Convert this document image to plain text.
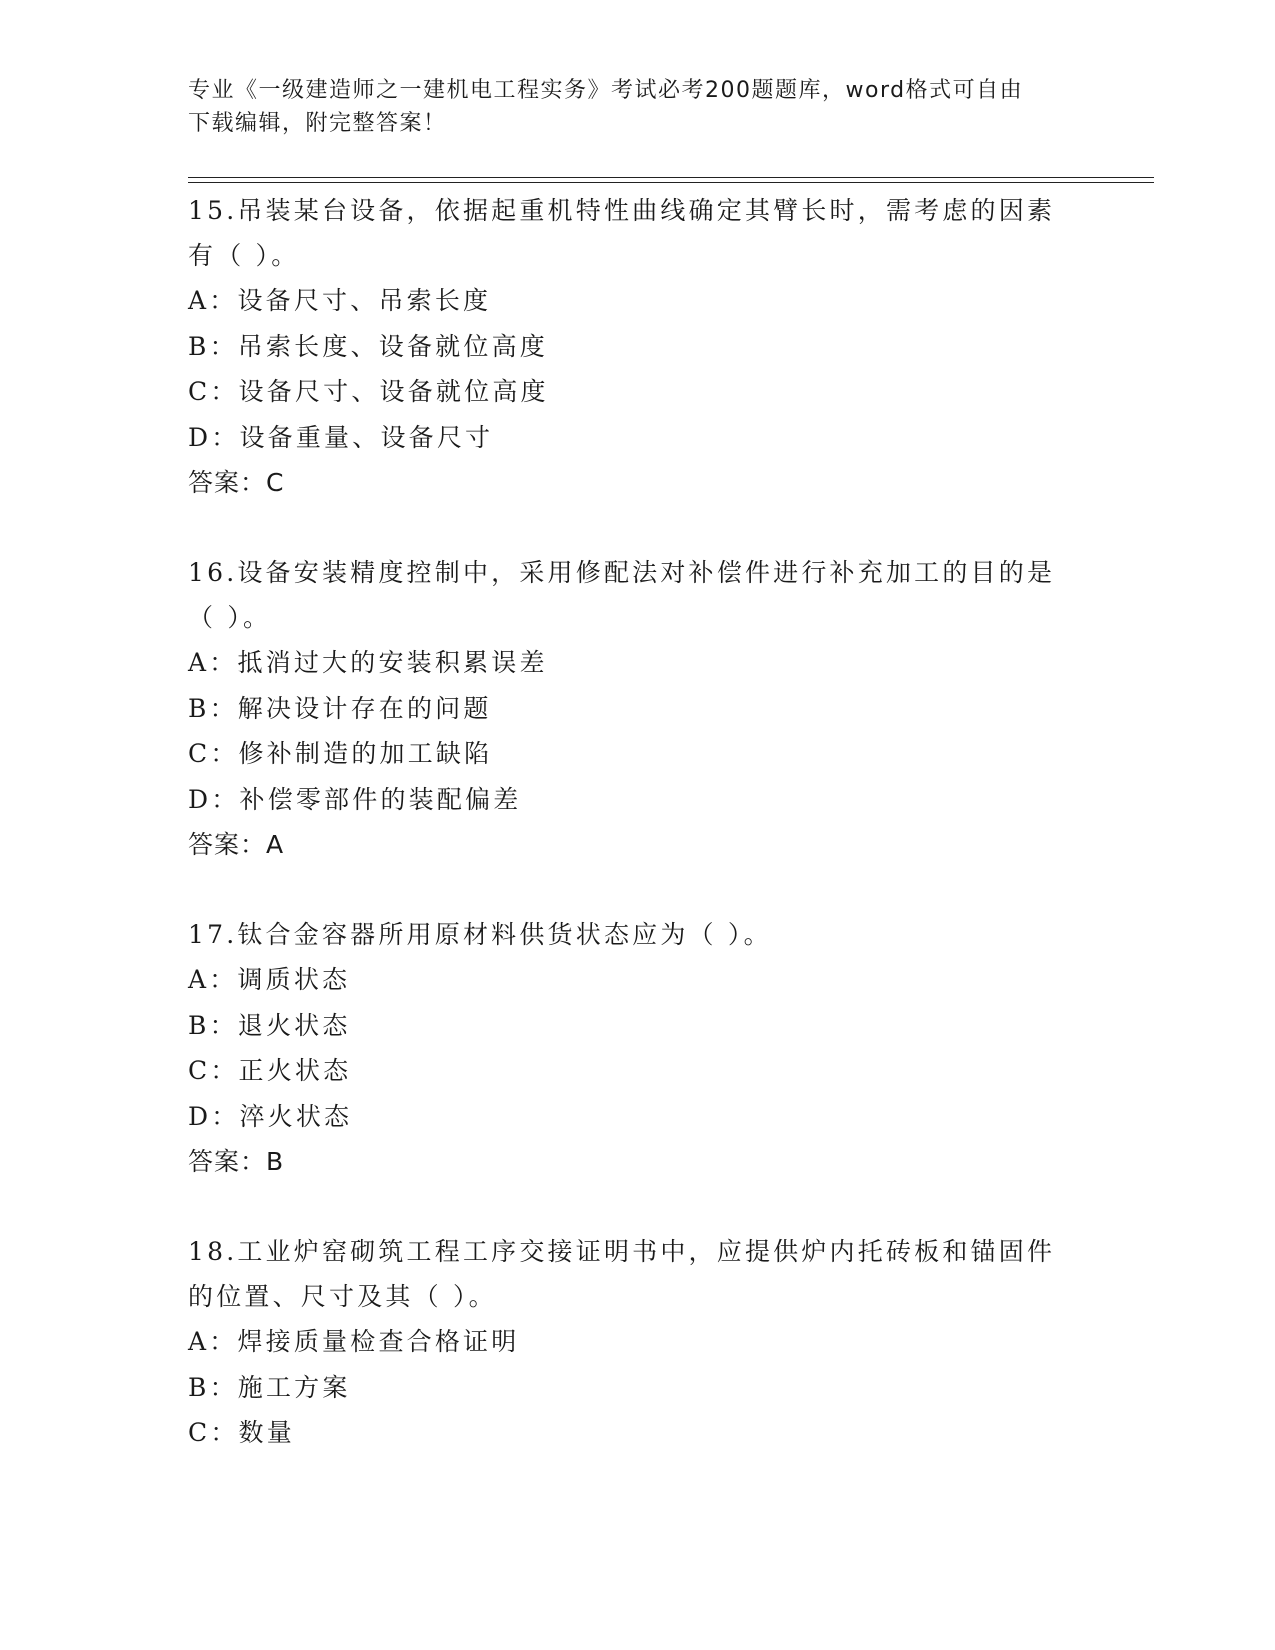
专业《一级建造师之一建机电工程实务》考试必考200题题库，word格式可自由
下载编辑，附完整答案！
15.吊装某台设备，依据起重机特性曲线确定其臂长时，需考虑的因素
有（ ）。
A：设备尺寸、吊索长度
B：吊索长度、设备就位高度
C：设备尺寸、设备就位高度
D：设备重量、设备尺寸
答案：C
16.设备安装精度控制中，采用修配法对补偿件进行补充加工的目的是
（ ）。
A：抵消过大的安装积累误差
B：解决设计存在的问题
C：修补制造的加工缺陷
D：补偿零部件的装配偏差
答案：A
17.钛合金容器所用原材料供货状态应为（ ）。
A：调质状态
B：退火状态
C：正火状态
D：淬火状态
答案：B
18.工业炉窑砌筑工程工序交接证明书中，应提供炉内托砖板和锚固件
的位置、尺寸及其（ ）。
A：焊接质量检查合格证明
B：施工方案
C：数量
